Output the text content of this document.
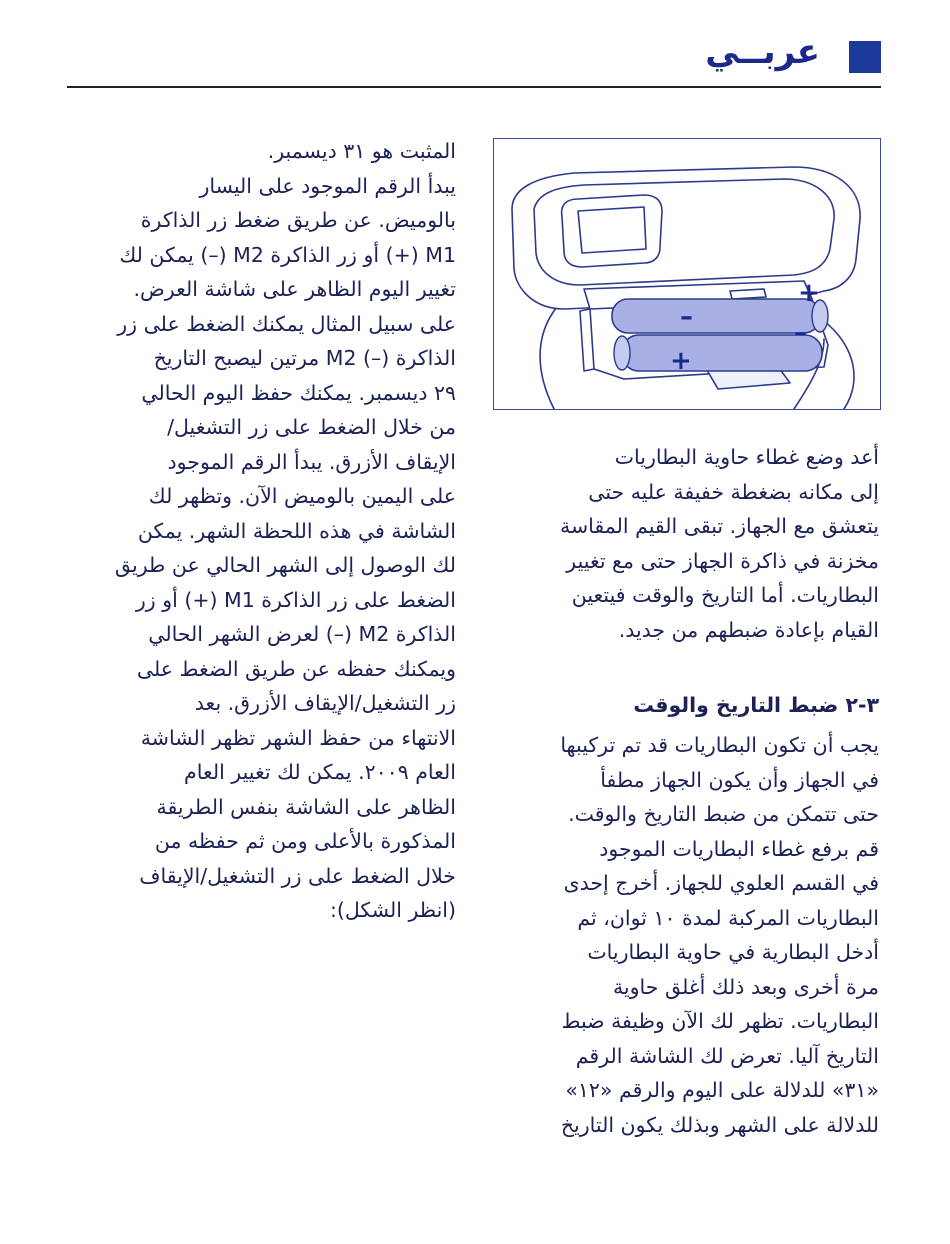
عربــي
+
–
–
+
المثبت هو ٣١ ديسمبر.
يبدأ الرقم الموجود على اليسار
بالوميض. عن طريق ضغط زر الذاكرة
M1 (+) أو زر الذاكرة M2 (–) يمكن لك
تغيير اليوم الظاهر على شاشة العرض.
على سبيل المثال يمكنك الضغط على زر
الذاكرة (–) M2 مرتين ليصبح التاريخ
٢٩ ديسمبر. يمكنك حفظ اليوم الحالي
من خلال الضغط على زر التشغيل/
الإيقاف الأزرق. يبدأ الرقم الموجود
على اليمين بالوميض الآن. وتظهر لك
الشاشة في هذه اللحظة الشهر. يمكن
لك الوصول إلى الشهر الحالي عن طريق
الضغط على زر الذاكرة M1 (+) أو زر
الذاكرة M2 (–) لعرض الشهر الحالي
ويمكنك حفظه عن طريق الضغط على
زر التشغيل/الإيقاف الأزرق. بعد
الانتهاء من حفظ الشهر تظهر الشاشة
العام ٢٠٠٩. يمكن لك تغيير العام
الظاهر على الشاشة بنفس الطريقة
المذكورة بالأعلى ومن ثم حفظه من
خلال الضغط على زر التشغيل/الإيقاف
(انظر الشكل):
أعد وضع غطاء حاوية البطاريات
إلى مكانه بضغطة خفيفة عليه حتى
يتعشق مع الجهاز. تبقى القيم المقاسة
مخزنة في ذاكرة الجهاز حتى مع تغيير
البطاريات. أما التاريخ والوقت فيتعين
القيام بإعادة ضبطهم من جديد.
٣-٢ ضبط التاريخ والوقت
يجب أن تكون البطاريات قد تم تركيبها
في الجهاز وأن يكون الجهاز مطفأ
حتى تتمكن من ضبط التاريخ والوقت.
قم برفع غطاء البطاريات الموجود
في القسم العلوي للجهاز. أخرج إحدى
البطاريات المركبة لمدة ١٠ ثوان، ثم
أدخل البطارية في حاوية البطاريات
مرة أخرى وبعد ذلك أغلق حاوية
البطاريات. تظهر لك الآن وظيفة ضبط
التاريخ آليا. تعرض لك الشاشة الرقم
«٣١» للدلالة على اليوم والرقم «١٢»
للدلالة على الشهر وبذلك يكون التاريخ
